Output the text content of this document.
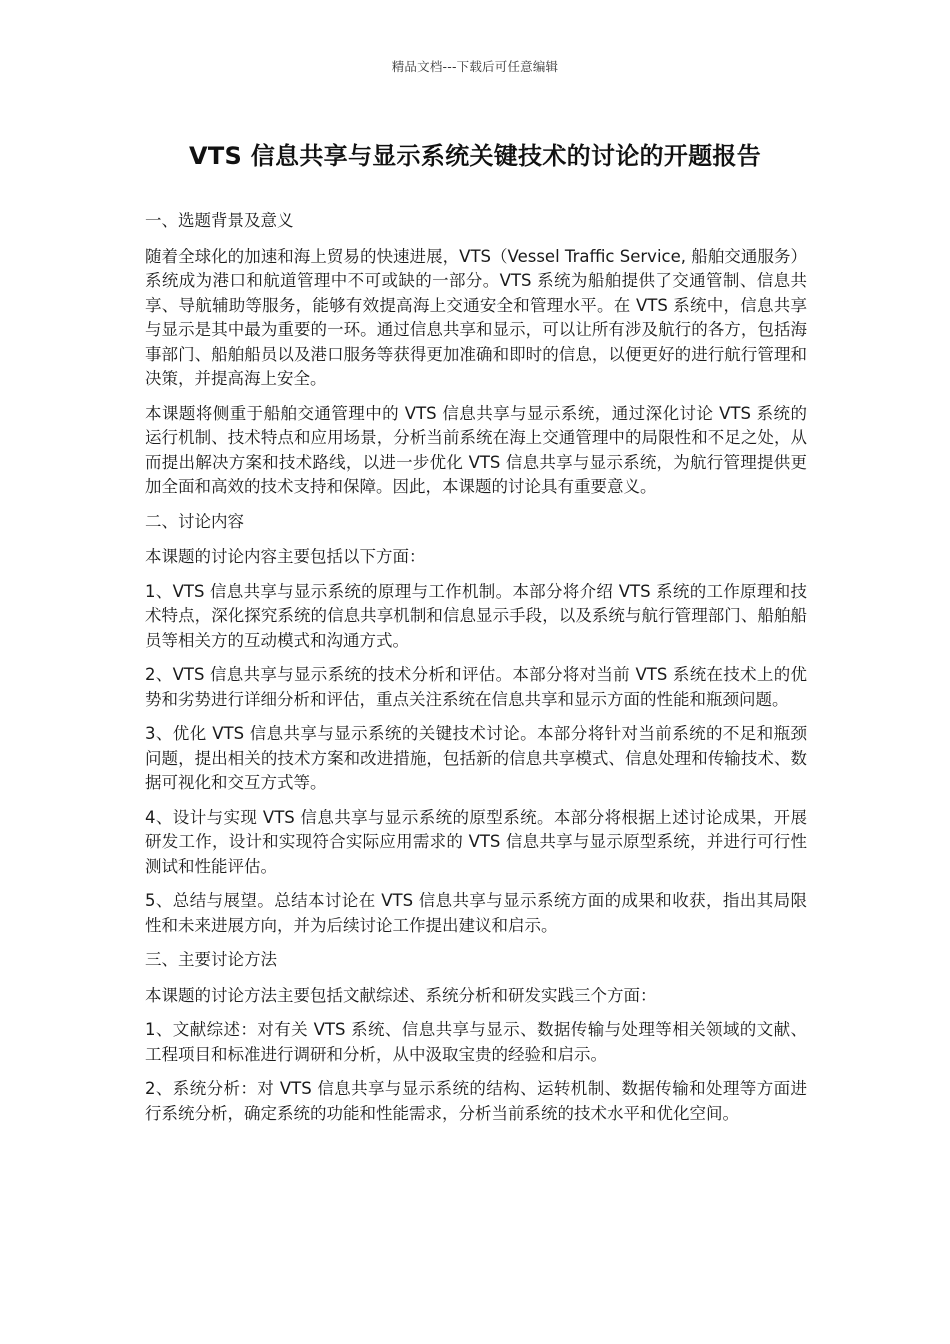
精品文档---下载后可任意编辑
VTS 信息共享与显示系统关键技术的讨论的开题报告

一、选题背景及意义

随着全球化的加速和海上贸易的快速进展，VTS（Vessel Traffic Service, 船舶交通服务）系统成为港口和航道管理中不可或缺的一部分。VTS 系统为船舶提供了交通管制、信息共享、导航辅助等服务，能够有效提高海上交通安全和管理水平。在 VTS 系统中，信息共享与显示是其中最为重要的一环。通过信息共享和显示，可以让所有涉及航行的各方，包括海事部门、船舶船员以及港口服务等获得更加准确和即时的信息，以便更好的进行航行管理和决策，并提高海上安全。

本课题将侧重于船舶交通管理中的 VTS 信息共享与显示系统，通过深化讨论 VTS 系统的运行机制、技术特点和应用场景，分析当前系统在海上交通管理中的局限性和不足之处，从而提出解决方案和技术路线，以进一步优化 VTS 信息共享与显示系统，为航行管理提供更加全面和高效的技术支持和保障。因此，本课题的讨论具有重要意义。

二、讨论内容

本课题的讨论内容主要包括以下方面：

1、VTS 信息共享与显示系统的原理与工作机制。本部分将介绍 VTS 系统的工作原理和技术特点，深化探究系统的信息共享机制和信息显示手段，以及系统与航行管理部门、船舶船员等相关方的互动模式和沟通方式。

2、VTS 信息共享与显示系统的技术分析和评估。本部分将对当前 VTS 系统在技术上的优势和劣势进行详细分析和评估，重点关注系统在信息共享和显示方面的性能和瓶颈问题。

3、优化 VTS 信息共享与显示系统的关键技术讨论。本部分将针对当前系统的不足和瓶颈问题，提出相关的技术方案和改进措施，包括新的信息共享模式、信息处理和传输技术、数据可视化和交互方式等。

4、设计与实现 VTS 信息共享与显示系统的原型系统。本部分将根据上述讨论成果，开展研发工作，设计和实现符合实际应用需求的 VTS 信息共享与显示原型系统，并进行可行性测试和性能评估。

5、总结与展望。总结本讨论在 VTS 信息共享与显示系统方面的成果和收获，指出其局限性和未来进展方向，并为后续讨论工作提出建议和启示。

三、主要讨论方法

本课题的讨论方法主要包括文献综述、系统分析和研发实践三个方面：

1、文献综述：对有关 VTS 系统、信息共享与显示、数据传输与处理等相关领域的文献、工程项目和标准进行调研和分析，从中汲取宝贵的经验和启示。

2、系统分析：对 VTS 信息共享与显示系统的结构、运转机制、数据传输和处理等方面进行系统分析，确定系统的功能和性能需求，分析当前系统的技术水平和优化空间。
